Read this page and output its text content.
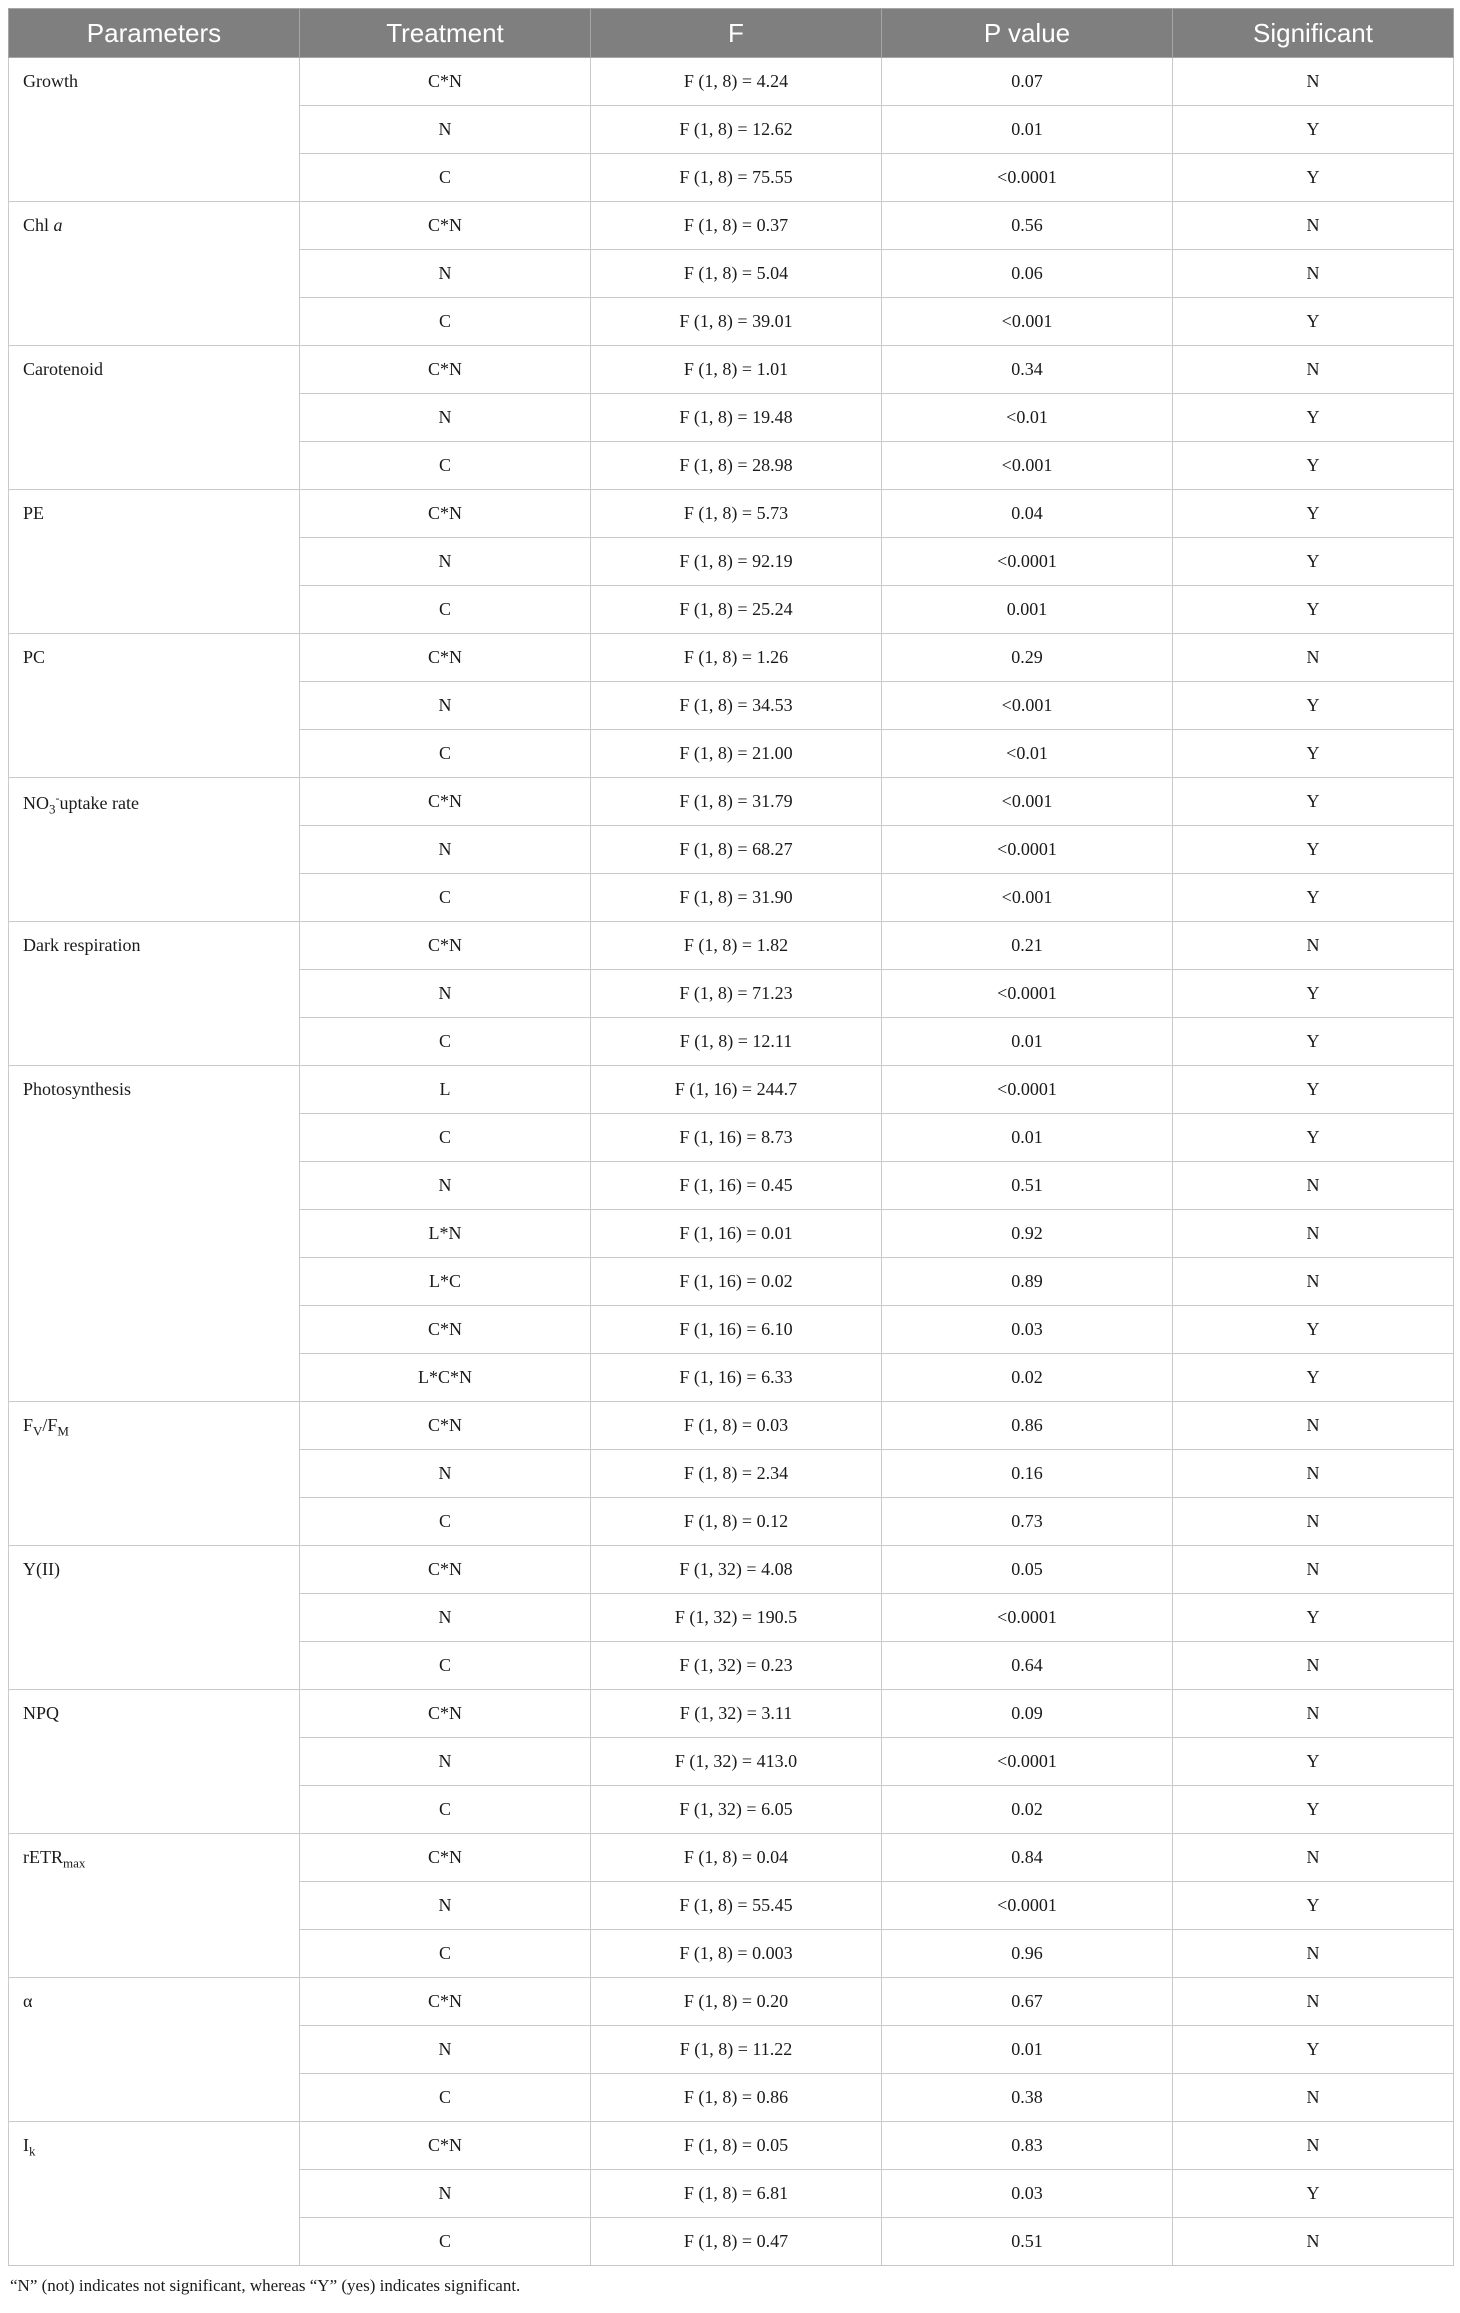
Parameters	Treatment	F	P value	Significant
Growth	C*N	F (1, 8) = 4.24	0.07	N
	N	F (1, 8) = 12.62	0.01	Y
	C	F (1, 8) = 75.55	<0.0001	Y
Chl a	C*N	F (1, 8) = 0.37	0.56	N
	N	F (1, 8) = 5.04	0.06	N
	C	F (1, 8) = 39.01	<0.001	Y
Carotenoid	C*N	F (1, 8) = 1.01	0.34	N
	N	F (1, 8) = 19.48	<0.01	Y
	C	F (1, 8) = 28.98	<0.001	Y
PE	C*N	F (1, 8) = 5.73	0.04	Y
	N	F (1, 8) = 92.19	<0.0001	Y
	C	F (1, 8) = 25.24	0.001	Y
PC	C*N	F (1, 8) = 1.26	0.29	N
	N	F (1, 8) = 34.53	<0.001	Y
	C	F (1, 8) = 21.00	<0.01	Y
$NO_3^-uptake$ rate	C*N	F (1, 8) = 31.79	<0.001	Y
	N	F (1, 8) = 68.27	<0.0001	Y
	C	F (1, 8) = 31.90	<0.001	Y
Dark respiration	C*N	F (1, 8) = 1.82	0.21	N
	N	F (1, 8) = 71.23	<0.0001	Y
	C	F (1, 8) = 12.11	0.01	Y
Photosynthesis	L	F (1, 16) = 244.7	<0.0001	Y
	C	F (1, 16) = 8.73	0.01	Y
	N	F (1, 16) = 0.45	0.51	N
	L*N	F (1, 16) = 0.01	0.92	N
	L*C	F (1, 16) = 0.02	0.89	N
	C*N	F (1, 16) = 6.10	0.03	Y
	L*C*N	F (1, 16) = 6.33	0.02	Y
$F_V/F_M$	C*N	F (1, 8) = 0.03	0.86	N
	N	F (1, 8) = 2.34	0.16	N
	C	F (1, 8) = 0.12	0.73	N
Y(II)	C*N	F (1, 32) = 4.08	0.05	N
	N	F (1, 32) = 190.5	<0.0001	Y
	C	F (1, 32) = 0.23	0.64	N
NPQ	C*N	F (1, 32) = 3.11	0.09	N
	N	F (1, 32) = 413.0	<0.0001	Y
	C	F (1, 32) = 6.05	0.02	Y
rETR$_{max}$	C*N	F (1, 8) = 0.04	0.84	N
	N	F (1, 8) = 55.45	<0.0001	Y
	C	F (1, 8) = 0.003	0.96	N
α	C*N	F (1, 8) = 0.20	0.67	N
	N	F (1, 8) = 11.22	0.01	Y
	C	F (1, 8) = 0.86	0.38	N
$I_k$	C*N	F (1, 8) = 0.05	0.83	N
	N	F (1, 8) = 6.81	0.03	Y
	C	F (1, 8) = 0.47	0.51	N
“N” (not) indicates not significant, whereas “Y” (yes) indicates significant.
